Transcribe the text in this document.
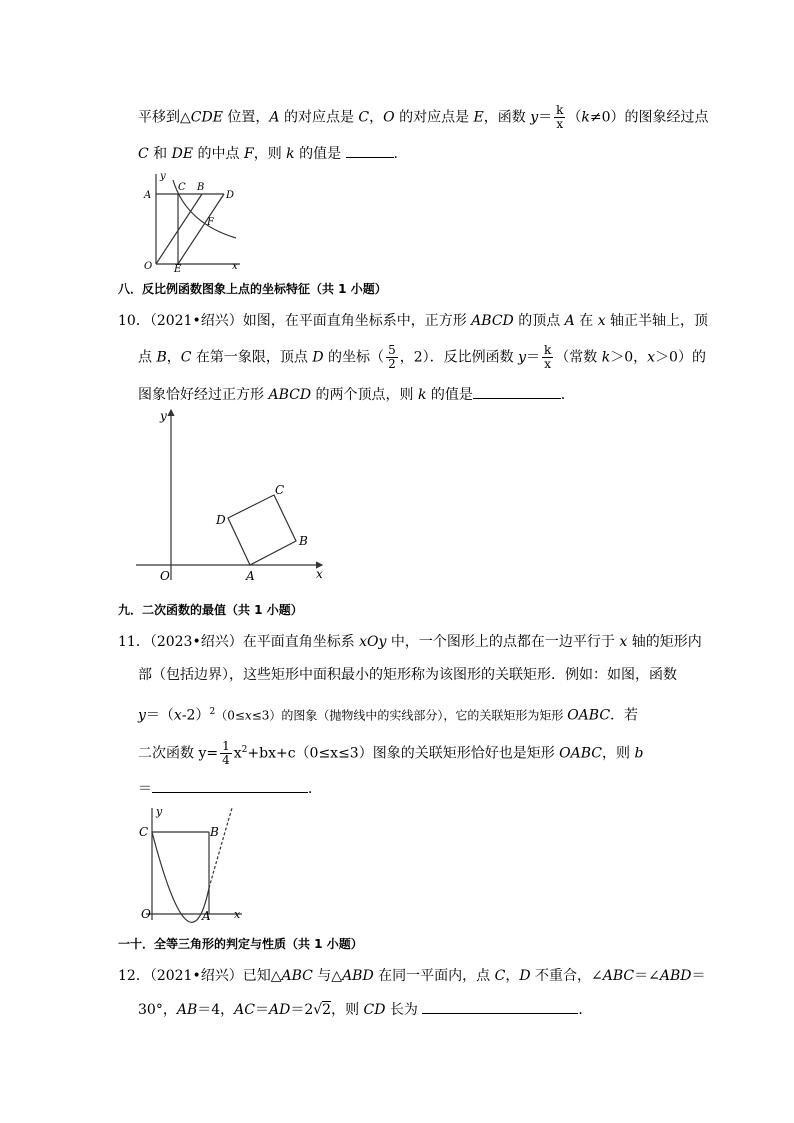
平移到△CDE 位置，A 的对应点是 C，O 的对应点是 E，函数 $y= \frac{k}{x} (k\ne 0)$的图象经过点
C 和 DE 的中点 F，则 k 的值是	.
y
A
C B
D
F
O E	x
八．反比例函数图象上点的坐标特征（共 1 小题）
10．（2021•绍兴）如图，在平面直角坐标系中，正方形 ABCD 的顶点 A 在 x 轴正半轴上，顶
点 B，C 在第一象限，顶点 D 的坐标（ $\frac{5}{2}$ ，2）．反比例函数 $y= \frac{k}{x}$ （常数 k＞0，x＞0）的
图象恰好经过正方形 ABCD 的两个顶点，则 k 的值是	．
y
C
D
B
O	A	x
九．二次函数的最值（共 1 小题）
11．（2023•绍兴）在平面直角坐标系 xOy 中，一个图形上的点都在一边平行于 x 轴的矩形内
部（包括边界），这些矩形中面积最小的矩形称为该图形的关联矩形．例如：如图，函数
$y=(x-2)^2(0\le x\le 3)$的图象（抛物线中的实线部分），它的关联矩形为矩形 OABC．若
二次函数 $y= \frac{1}{4} x^2+bx+c(0\le x\le 3)$图象的关联矩形恰好也是矩形 OABC，则 b
＝	．
y
C	B
O	A x
一十．全等三角形的判定与性质（共 1 小题）
12．（2021•绍兴）已知△ABC 与△ABD 在同一平面内，点 C，D 不重合，∠ABC＝∠ABD＝
30°，AB＝4，AC＝AD＝2√2，则 CD 长为	．
